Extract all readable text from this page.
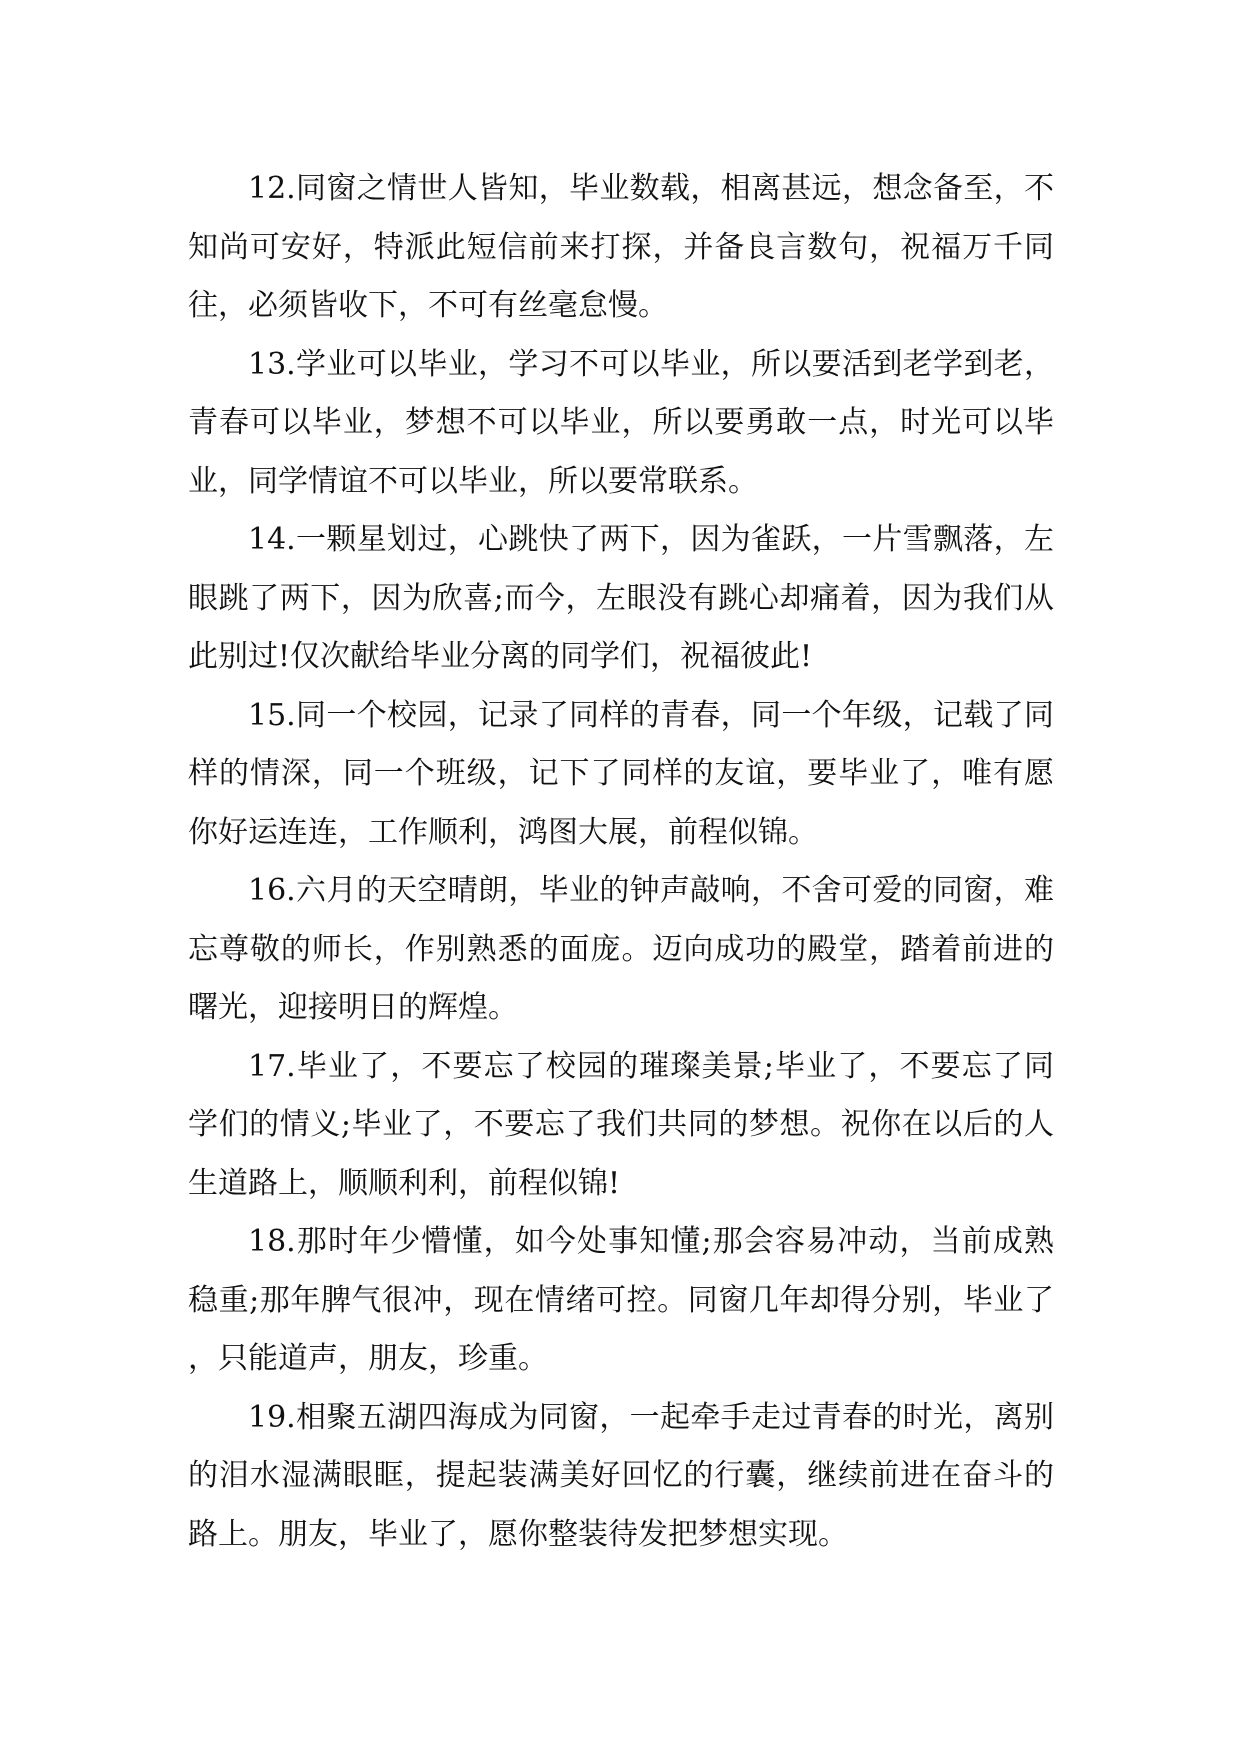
12.同窗之情世人皆知，毕业数载，相离甚远，想念备至，不知尚可安好，特派此短信前来打探，并备良言数句，祝福万千同往，必须皆收下，不可有丝毫怠慢。

13.学业可以毕业，学习不可以毕业，所以要活到老学到老，青春可以毕业，梦想不可以毕业，所以要勇敢一点，时光可以毕业，同学情谊不可以毕业，所以要常联系。

14.一颗星划过，心跳快了两下，因为雀跃，一片雪飘落，左眼跳了两下，因为欣喜;而今，左眼没有跳心却痛着，因为我们从此别过!仅次献给毕业分离的同学们，祝福彼此!

15.同一个校园，记录了同样的青春，同一个年级，记载了同样的情深，同一个班级，记下了同样的友谊，要毕业了，唯有愿你好运连连，工作顺利，鸿图大展，前程似锦。

16.六月的天空晴朗，毕业的钟声敲响，不舍可爱的同窗，难忘尊敬的师长，作别熟悉的面庞。迈向成功的殿堂，踏着前进的曙光，迎接明日的辉煌。

17.毕业了，不要忘了校园的璀璨美景;毕业了，不要忘了同学们的情义;毕业了，不要忘了我们共同的梦想。祝你在以后的人生道路上，顺顺利利，前程似锦!

18.那时年少懵懂，如今处事知懂;那会容易冲动，当前成熟稳重;那年脾气很冲，现在情绪可控。同窗几年却得分别，毕业了，只能道声，朋友，珍重。

19.相聚五湖四海成为同窗，一起牵手走过青春的时光，离别的泪水湿满眼眶，提起装满美好回忆的行囊，继续前进在奋斗的路上。朋友，毕业了，愿你整装待发把梦想实现。
